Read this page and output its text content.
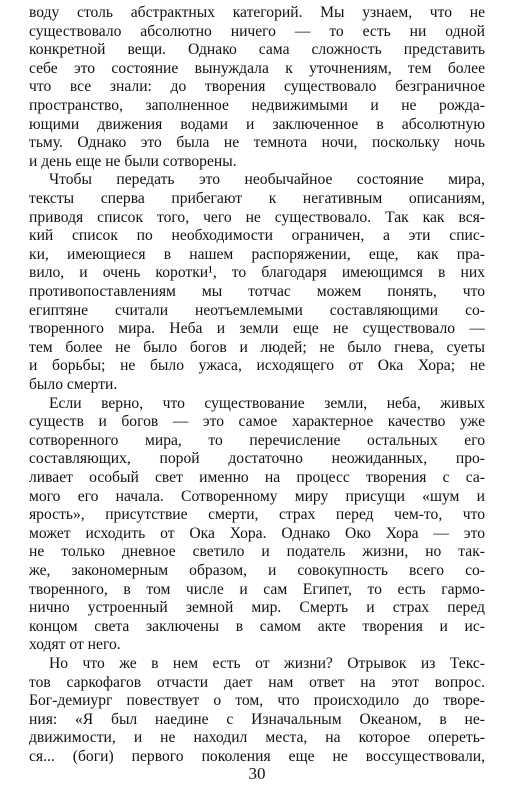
воду столь абстрактных категорий. Мы узнаем, что не
существовало абсолютно ничего — то есть ни одной
конкретной вещи. Однако сама сложность представить
себе это состояние вынуждала к уточнениям, тем более
что все знали: до творения существовало безграничное
пространство, заполненное недвижимыми и не рожда-
ющими движения водами и заключенное в абсолютную
тьму. Однако это была не темнота ночи, поскольку ночь
и день еще не были сотворены.
Чтобы передать это необычайное состояние мира,
тексты сперва прибегают к негативным описаниям,
приводя список того, чего не существовало. Так как вся-
кий список по необходимости ограничен, а эти спис-
ки, имеющиеся в нашем распоряжении, еще, как пра-
вило, и очень коротки¹, то благодаря имеющимся в них
противопоставлениям мы тотчас можем понять, что
египтяне считали неотъемлемыми составляющими со-
творенного мира. Неба и земли еще не существовало —
тем более не было богов и людей; не было гнева, суеты
и борьбы; не было ужаса, исходящего от Ока Хора; не
было смерти.
Если верно, что существование земли, неба, живых
существ и богов — это самое характерное качество уже
сотворенного мира, то перечисление остальных его
составляющих, порой достаточно неожиданных, про-
ливает особый свет именно на процесс творения с са-
мого его начала. Сотворенному миру присущи «шум и
ярость», присутствие смерти, страх перед чем-то, что
может исходить от Ока Хора. Однако Око Хора — это
не только дневное светило и податель жизни, но так-
же, закономерным образом, и совокупность всего со-
творенного, в том числе и сам Египет, то есть гармо-
нично устроенный земной мир. Смерть и страх перед
концом света заключены в самом акте творения и ис-
ходят от него.
Но что же в нем есть от жизни? Отрывок из Текс-
тов саркофагов отчасти дает нам ответ на этот вопрос.
Бог-демиург повествует о том, что происходило до творе-
ния: «Я был наедине с Изначальным Океаном, в не-
движимости, и не находил места, на которое опереть-
ся... (боги) первого поколения еще не воссуществовали,
30
